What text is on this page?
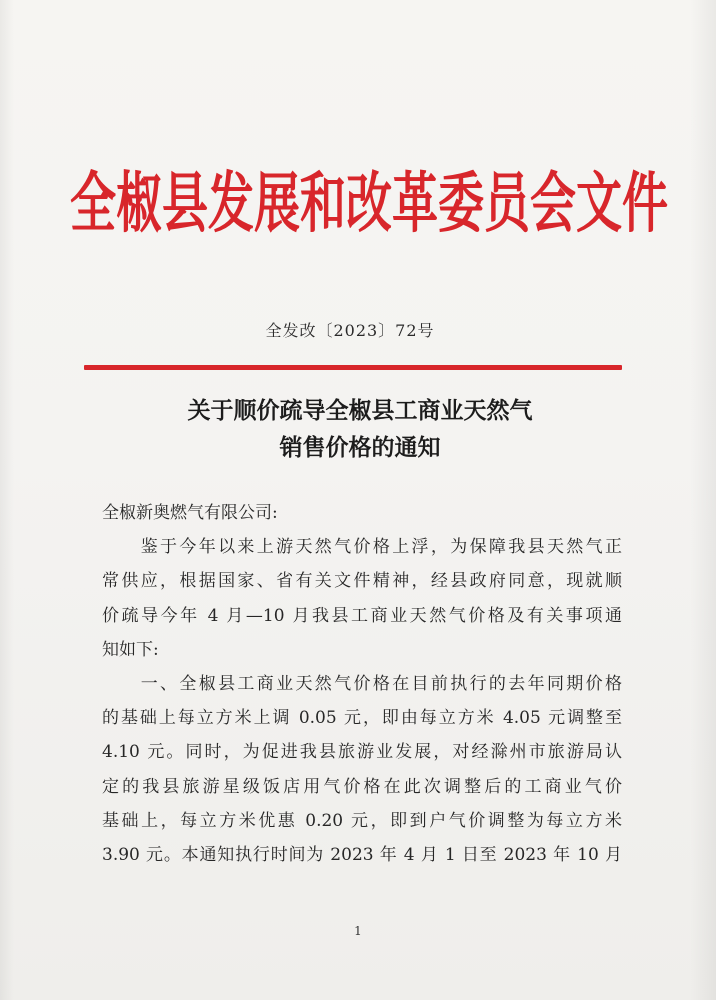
全椒县发展和改革委员会文件
全发改〔2023〕72号
关于顺价疏导全椒县工商业天然气
销售价格的通知
全椒新奥燃气有限公司:
　　鉴于今年以来上游天然气价格上浮，为保障我县天然气正
常供应，根据国家、省有关文件精神，经县政府同意，现就顺
价疏导今年 4 月—10 月我县工商业天然气价格及有关事项通
知如下:
　　一、全椒县工商业天然气价格在目前执行的去年同期价格
的基础上每立方米上调 0.05 元，即由每立方米 4.05 元调整至
4.10 元。同时，为促进我县旅游业发展，对经滁州市旅游局认
定的我县旅游星级饭店用气价格在此次调整后的工商业气价
基础上，每立方米优惠 0.20 元，即到户气价调整为每立方米
3.90 元。本通知执行时间为 2023 年 4 月 1 日至 2023 年 10 月
1
